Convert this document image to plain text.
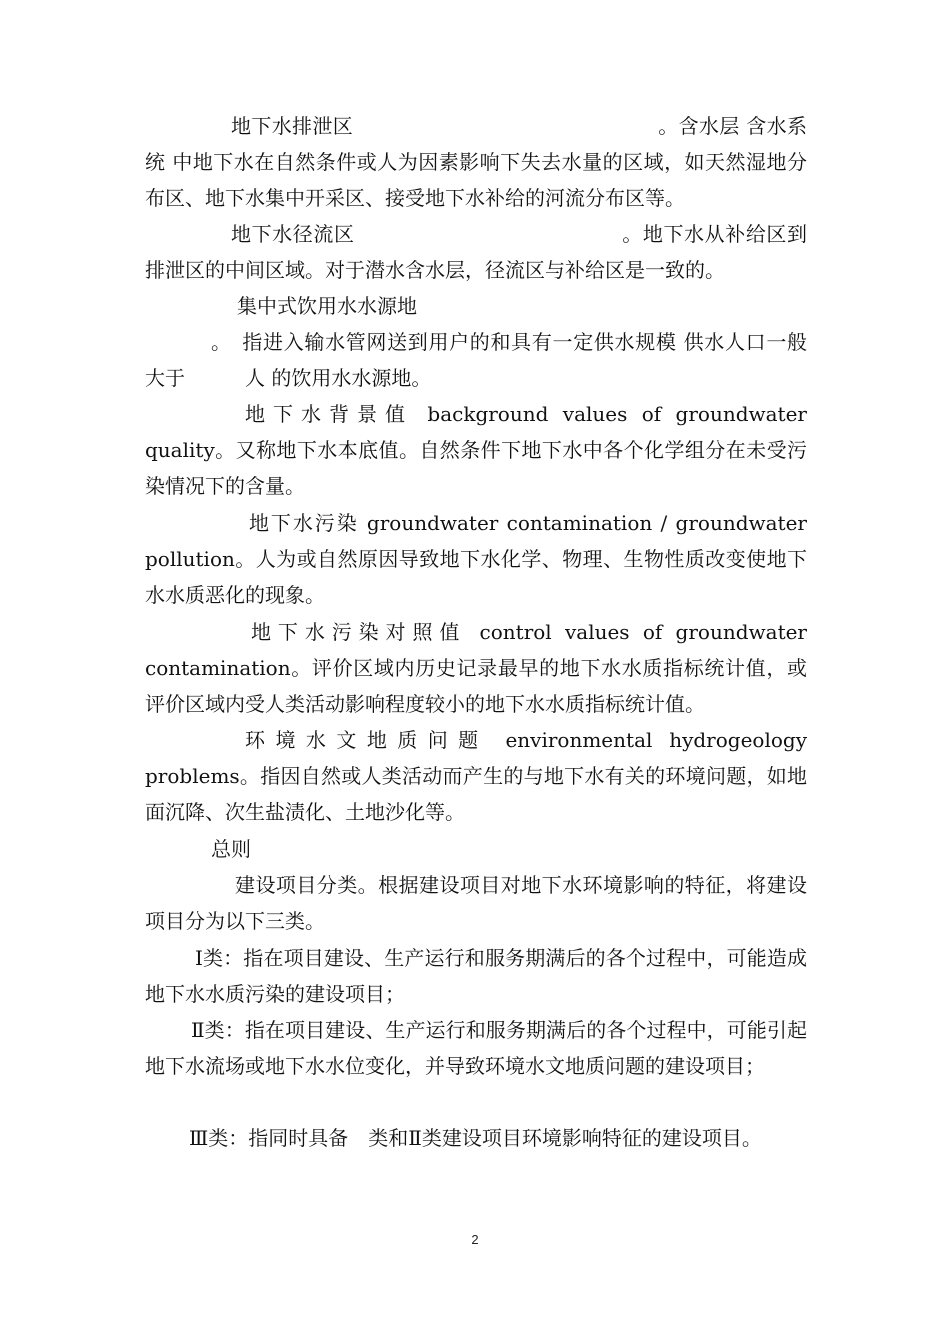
地下水排泄区　　　　　　　　　　　　　　　。含水层 含水系统 中地下水在自然条件或人为因素影响下失去水量的区域，如天然湿地分布区、地下水集中开采区、接受地下水补给的河流分布区等。

地下水径流区　　　　　　　　　　　　　。地下水从补给区到排泄区的中间区域。对于潜水含水层，径流区与补给区是一致的。

集中式饮用水水源地

。　指进入输水管网送到用户的和具有一定供水规模 供水人口一般大于　　　人 的饮用水水源地。

地下水背景值 background values of groundwater quality。又称地下水本底值。自然条件下地下水中各个化学组分在未受污染情况下的含量。

地下水污染 groundwater contamination / groundwater pollution。人为或自然原因导致地下水化学、物理、生物性质改变使地下水水质恶化的现象。

地下水污染对照值 control values of groundwater contamination。评价区域内历史记录最早的地下水水质指标统计值，或评价区域内受人类活动影响程度较小的地下水水质指标统计值。

环境水文地质问题 environmental hydrogeology problems。指因自然或人类活动而产生的与地下水有关的环境问题，如地面沉降、次生盐渍化、土地沙化等。

总则

建设项目分类。根据建设项目对地下水环境影响的特征，将建设项目分为以下三类。

Ⅰ类：指在项目建设、生产运行和服务期满后的各个过程中，可能造成地下水水质污染的建设项目；

Ⅱ类：指在项目建设、生产运行和服务期满后的各个过程中，可能引起地下水流场或地下水水位变化，并导致环境水文地质问题的建设项目；

Ⅲ类：指同时具备　类和Ⅱ类建设项目环境影响特征的建设项目。

2
